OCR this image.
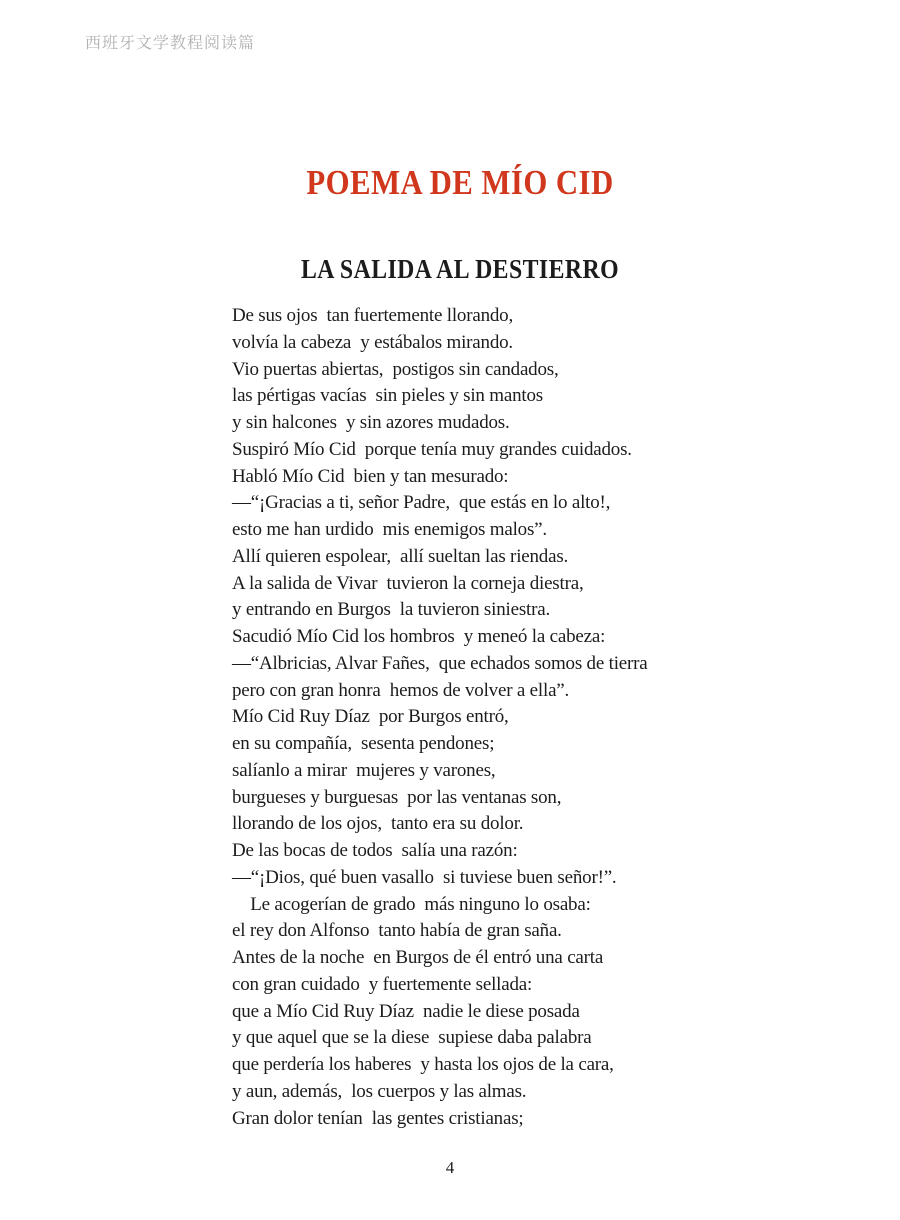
西班牙文学教程阅读篇
POEMA DE MÍO CID
LA SALIDA AL DESTIERRO
De sus ojos  tan fuertemente llorando,
volvía la cabeza  y estábalos mirando.
Vio puertas abiertas,  postigos sin candados,
las pértigas vacías  sin pieles y sin mantos
y sin halcones  y sin azores mudados.
Suspiró Mío Cid  porque tenía muy grandes cuidados.
Habló Mío Cid  bien y tan mesurado:
—“¡Gracias a ti, señor Padre,  que estás en lo alto!,
esto me han urdido  mis enemigos malos”.
Allí quieren espolear,  allí sueltan las riendas.
A la salida de Vivar  tuvieron la corneja diestra,
y entrando en Burgos  la tuvieron siniestra.
Sacudió Mío Cid los hombros  y meneó la cabeza:
—“Albricias, Alvar Fañes,  que echados somos de tierra
pero con gran honra  hemos de volver a ella”.
Mío Cid Ruy Díaz  por Burgos entró,
en su compañía,  sesenta pendones;
salíanlo a mirar  mujeres y varones,
burgueses y burguesas  por las ventanas son,
llorando de los ojos,  tanto era su dolor.
De las bocas de todos  salía una razón:
—“¡Dios, qué buen vasallo  si tuviese buen señor!”.
Le acogerían de grado  más ninguno lo osaba:
el rey don Alfonso  tanto había de gran saña.
Antes de la noche  en Burgos de él entró una carta
con gran cuidado  y fuertemente sellada:
que a Mío Cid Ruy Díaz  nadie le diese posada
y que aquel que se la diese  supiese daba palabra
que perdería los haberes  y hasta los ojos de la cara,
y aun, además,  los cuerpos y las almas.
Gran dolor tenían  las gentes cristianas;
4
